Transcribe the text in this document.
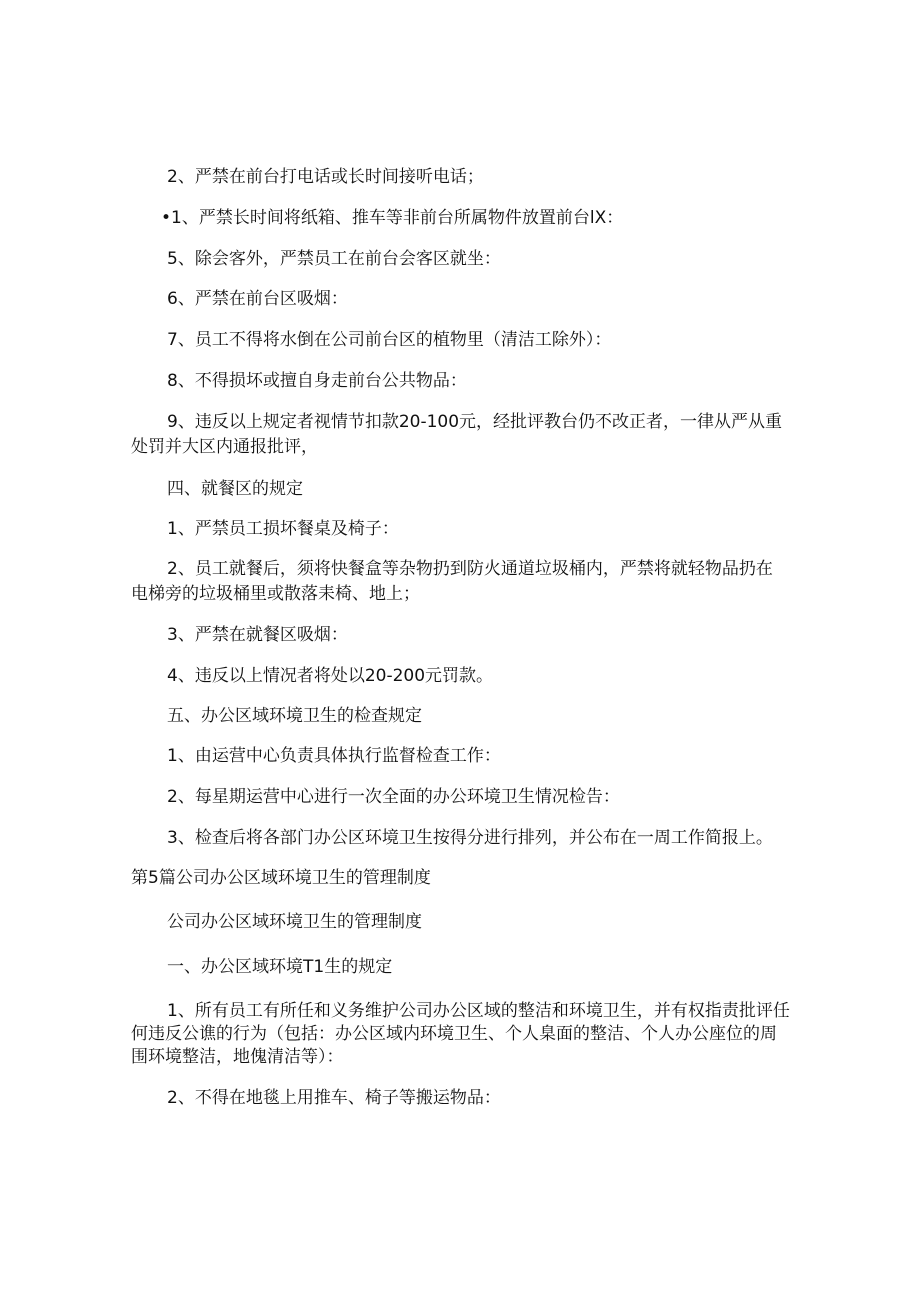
2、严禁在前台打电话或长时间接听电话；
•1、严禁长时间将纸箱、推车等非前台所属物件放置前台lX：
5、除会客外，严禁员工在前台会客区就坐：
6、严禁在前台区吸烟：
7、员工不得将水倒在公司前台区的植物里（清洁工除外）：
8、不得损坏或擅自身走前台公共物品：
9、违反以上规定者视情节扣款20-100元，经批评教台仍不改正者，一律从严从重
处罚并大区内通报批评，
四、就餐区的规定
1、严禁员工损坏餐桌及椅子：
2、员工就餐后，须将快餐盒等杂物扔到防火通道垃圾桶内，严禁将就轻物品扔在
电梯旁的垃圾桶里或散落耒椅、地上；
3、严禁在就餐区吸烟：
4、违反以上情况者将处以20-200元罚款。
五、办公区域环境卫生的检查规定
1、由运营中心负责具体执行监督检查工作：
2、每星期运营中心进行一次全面的办公环境卫生情况检告：
3、检查后将各部门办公区环境卫生按得分进行排列，并公布在一周工作简报上。
第5篇公司办公区域环境卫生的管理制度
公司办公区域环境卫生的管理制度
一、办公区域环境T1生的规定
1、所有员工有所任和义务维护公司办公区域的整洁和环境卫生，并有权指责批评任
何违反公谯的行为（包括：办公区域内环境卫生、个人臬面的整洁、个人办公座位的周
围环境整洁，地傀清洁等）：
2、不得在地毯上用推车、椅子等搬运物品：
